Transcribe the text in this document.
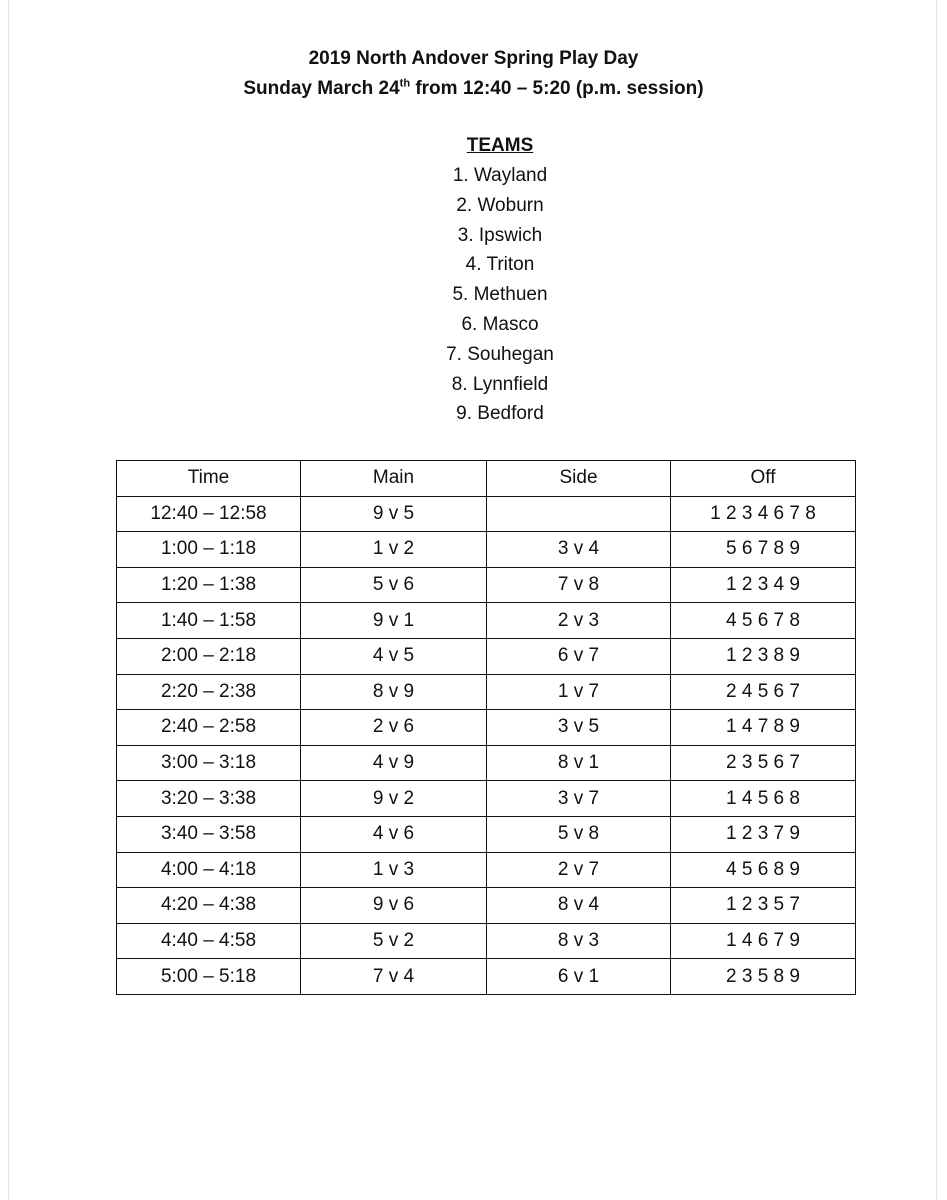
2019 North Andover Spring Play Day
Sunday March 24th from 12:40 – 5:20 (p.m. session)
TEAMS
1. Wayland
2. Woburn
3. Ipswich
4. Triton
5. Methuen
6. Masco
7. Souhegan
8. Lynnfield
9. Bedford
Time	Main	Side	Off
12:40 – 12:58	9 v 5		1 2 3 4 6 7 8
1:00 – 1:18	1 v 2	3 v 4	5 6 7 8 9
1:20 – 1:38	5 v 6	7 v 8	1 2 3 4 9
1:40 – 1:58	9 v 1	2 v 3	4 5 6 7 8
2:00 – 2:18	4 v 5	6 v 7	1 2 3 8 9
2:20 – 2:38	8 v 9	1 v 7	2 4 5 6 7
2:40 – 2:58	2 v 6	3 v 5	1 4 7 8 9
3:00 – 3:18	4 v 9	8 v 1	2 3 5 6 7
3:20 – 3:38	9 v 2	3 v 7	1 4 5 6 8
3:40 – 3:58	4 v 6	5 v 8	1 2 3 7 9
4:00 – 4:18	1 v 3	2 v 7	4 5 6 8 9
4:20 – 4:38	9 v 6	8 v 4	1 2 3 5 7
4:40 – 4:58	5 v 2	8 v 3	1 4 6 7 9
5:00 – 5:18	7 v 4	6 v 1	2 3 5 8 9
